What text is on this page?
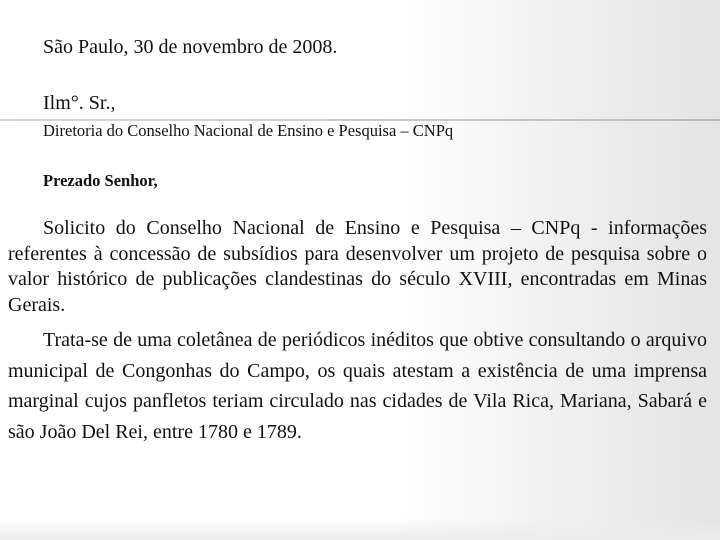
São Paulo, 30 de novembro de 2008.

Ilm°. Sr.,

Diretoria do Conselho Nacional de Ensino e Pesquisa – CNPq

Prezado Senhor,

Solicito do Conselho Nacional de Ensino e Pesquisa – CNPq - informações referentes à concessão de subsídios para desenvolver um projeto de pesquisa sobre o valor histórico de publicações clandestinas do século XVIII, encontradas em Minas Gerais.

Trata-se de uma coletânea de periódicos inéditos que obtive consultando o arquivo municipal de Congonhas do Campo, os quais atestam a existência de uma imprensa marginal cujos panfletos teriam circulado nas cidades de Vila Rica, Mariana, Sabará e são João Del Rei, entre 1780 e 1789.
